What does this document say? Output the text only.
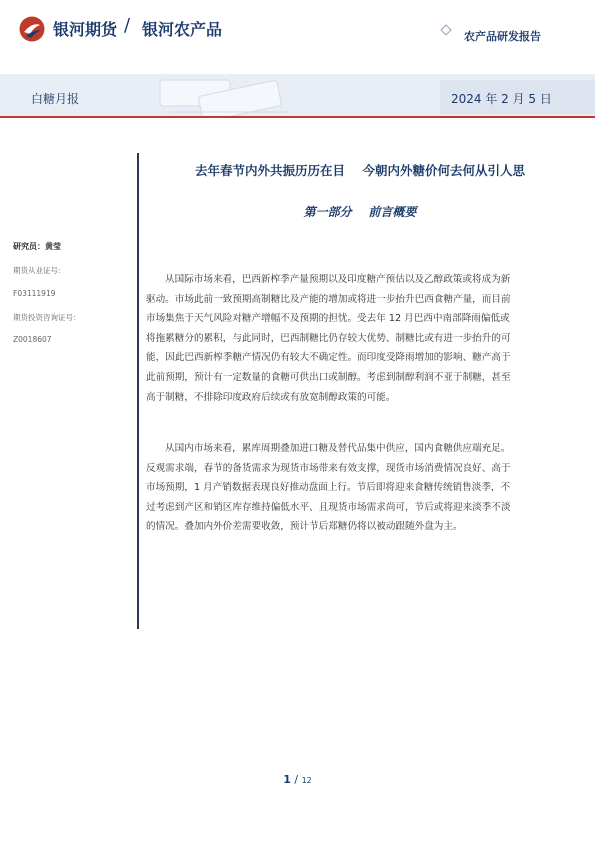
银河期货 / 银河农产品	农产品研发报告
白糖月报	2024 年 2 月 5 日
研究员：黄莹
期货从业证号：
F03111919
期货投资咨询证号：
Z0018607
去年春节内外共振历历在目    今朝内外糖价何去何从引人思
第一部分    前言概要
从国际市场来看，巴西新榨季产量预期以及印度糖产预估以及乙醇政策或将成为新
驱动。市场此前一致预期高制糖比及产能的增加或将进一步抬升巴西食糖产量，而目前
市场集焦于天气风险对糖产增幅不及预期的担忧。受去年 12 月巴西中南部降雨偏低或
将拖累糖分的累积，与此同时，巴西制糖比仍存较大优势、制糖比或有进一步抬升的可
能，因此巴西新榨季糖产情况仍有较大不确定性。而印度受降雨增加的影响、糖产高于
此前预期，预计有一定数量的食糖可供出口或制醇。考虑到制醇利润不亚于制糖，甚至
高于制糖，不排除印度政府后续或有放宽制醇政策的可能。
从国内市场来看，累库周期叠加进口糖及替代品集中供应，国内食糖供应端充足。
反观需求端，春节的备货需求为现货市场带来有效支撑，现货市场消费情况良好、高于
市场预期，1 月产销数据表现良好推动盘面上行。节后即将迎来食糖传统销售淡季，不
过考虑到产区和销区库存维持偏低水平、且现货市场需求尚可，节后或将迎来淡季不淡
的情况。叠加内外价差需要收敛，预计节后郑糖仍将以被动跟随外盘为主。
1 / 12
